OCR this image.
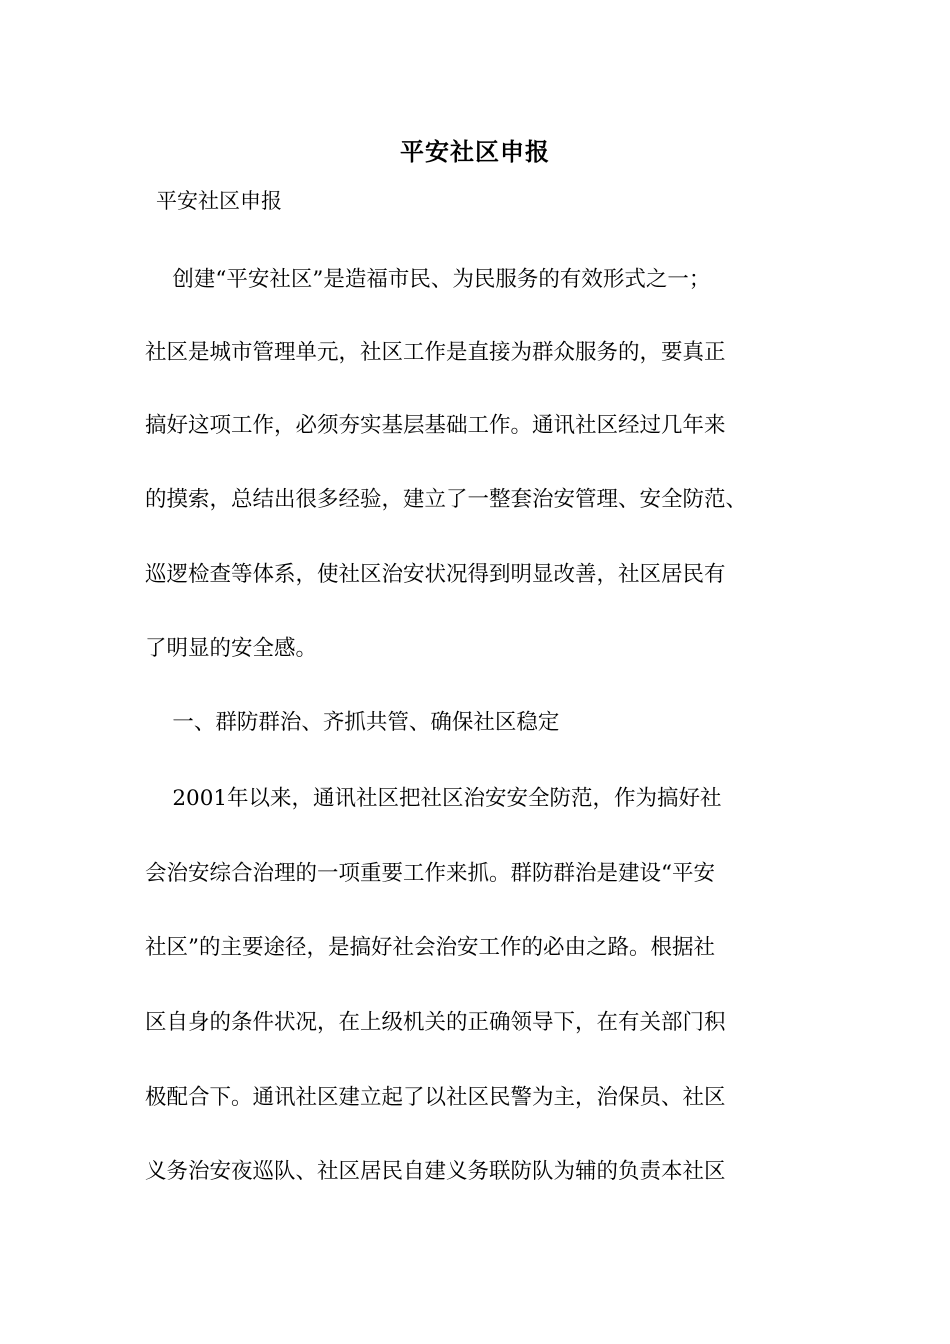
平安社区申报
平安社区申报
创建“平安社区”是造福市民、为民服务的有效形式之一；
社区是城市管理单元，社区工作是直接为群众服务的，要真正
搞好这项工作，必须夯实基层基础工作。通讯社区经过几年来
的摸索，总结出很多经验，建立了一整套治安管理、安全防范、
巡逻检查等体系，使社区治安状况得到明显改善，社区居民有
了明显的安全感。
一、群防群治、齐抓共管、确保社区稳定
2001年以来，通讯社区把社区治安安全防范，作为搞好社
会治安综合治理的一项重要工作来抓。群防群治是建设“平安
社区”的主要途径，是搞好社会治安工作的必由之路。根据社
区自身的条件状况，在上级机关的正确领导下，在有关部门积
极配合下。通讯社区建立起了以社区民警为主，治保员、社区
义务治安夜巡队、社区居民自建义务联防队为辅的负责本社区
